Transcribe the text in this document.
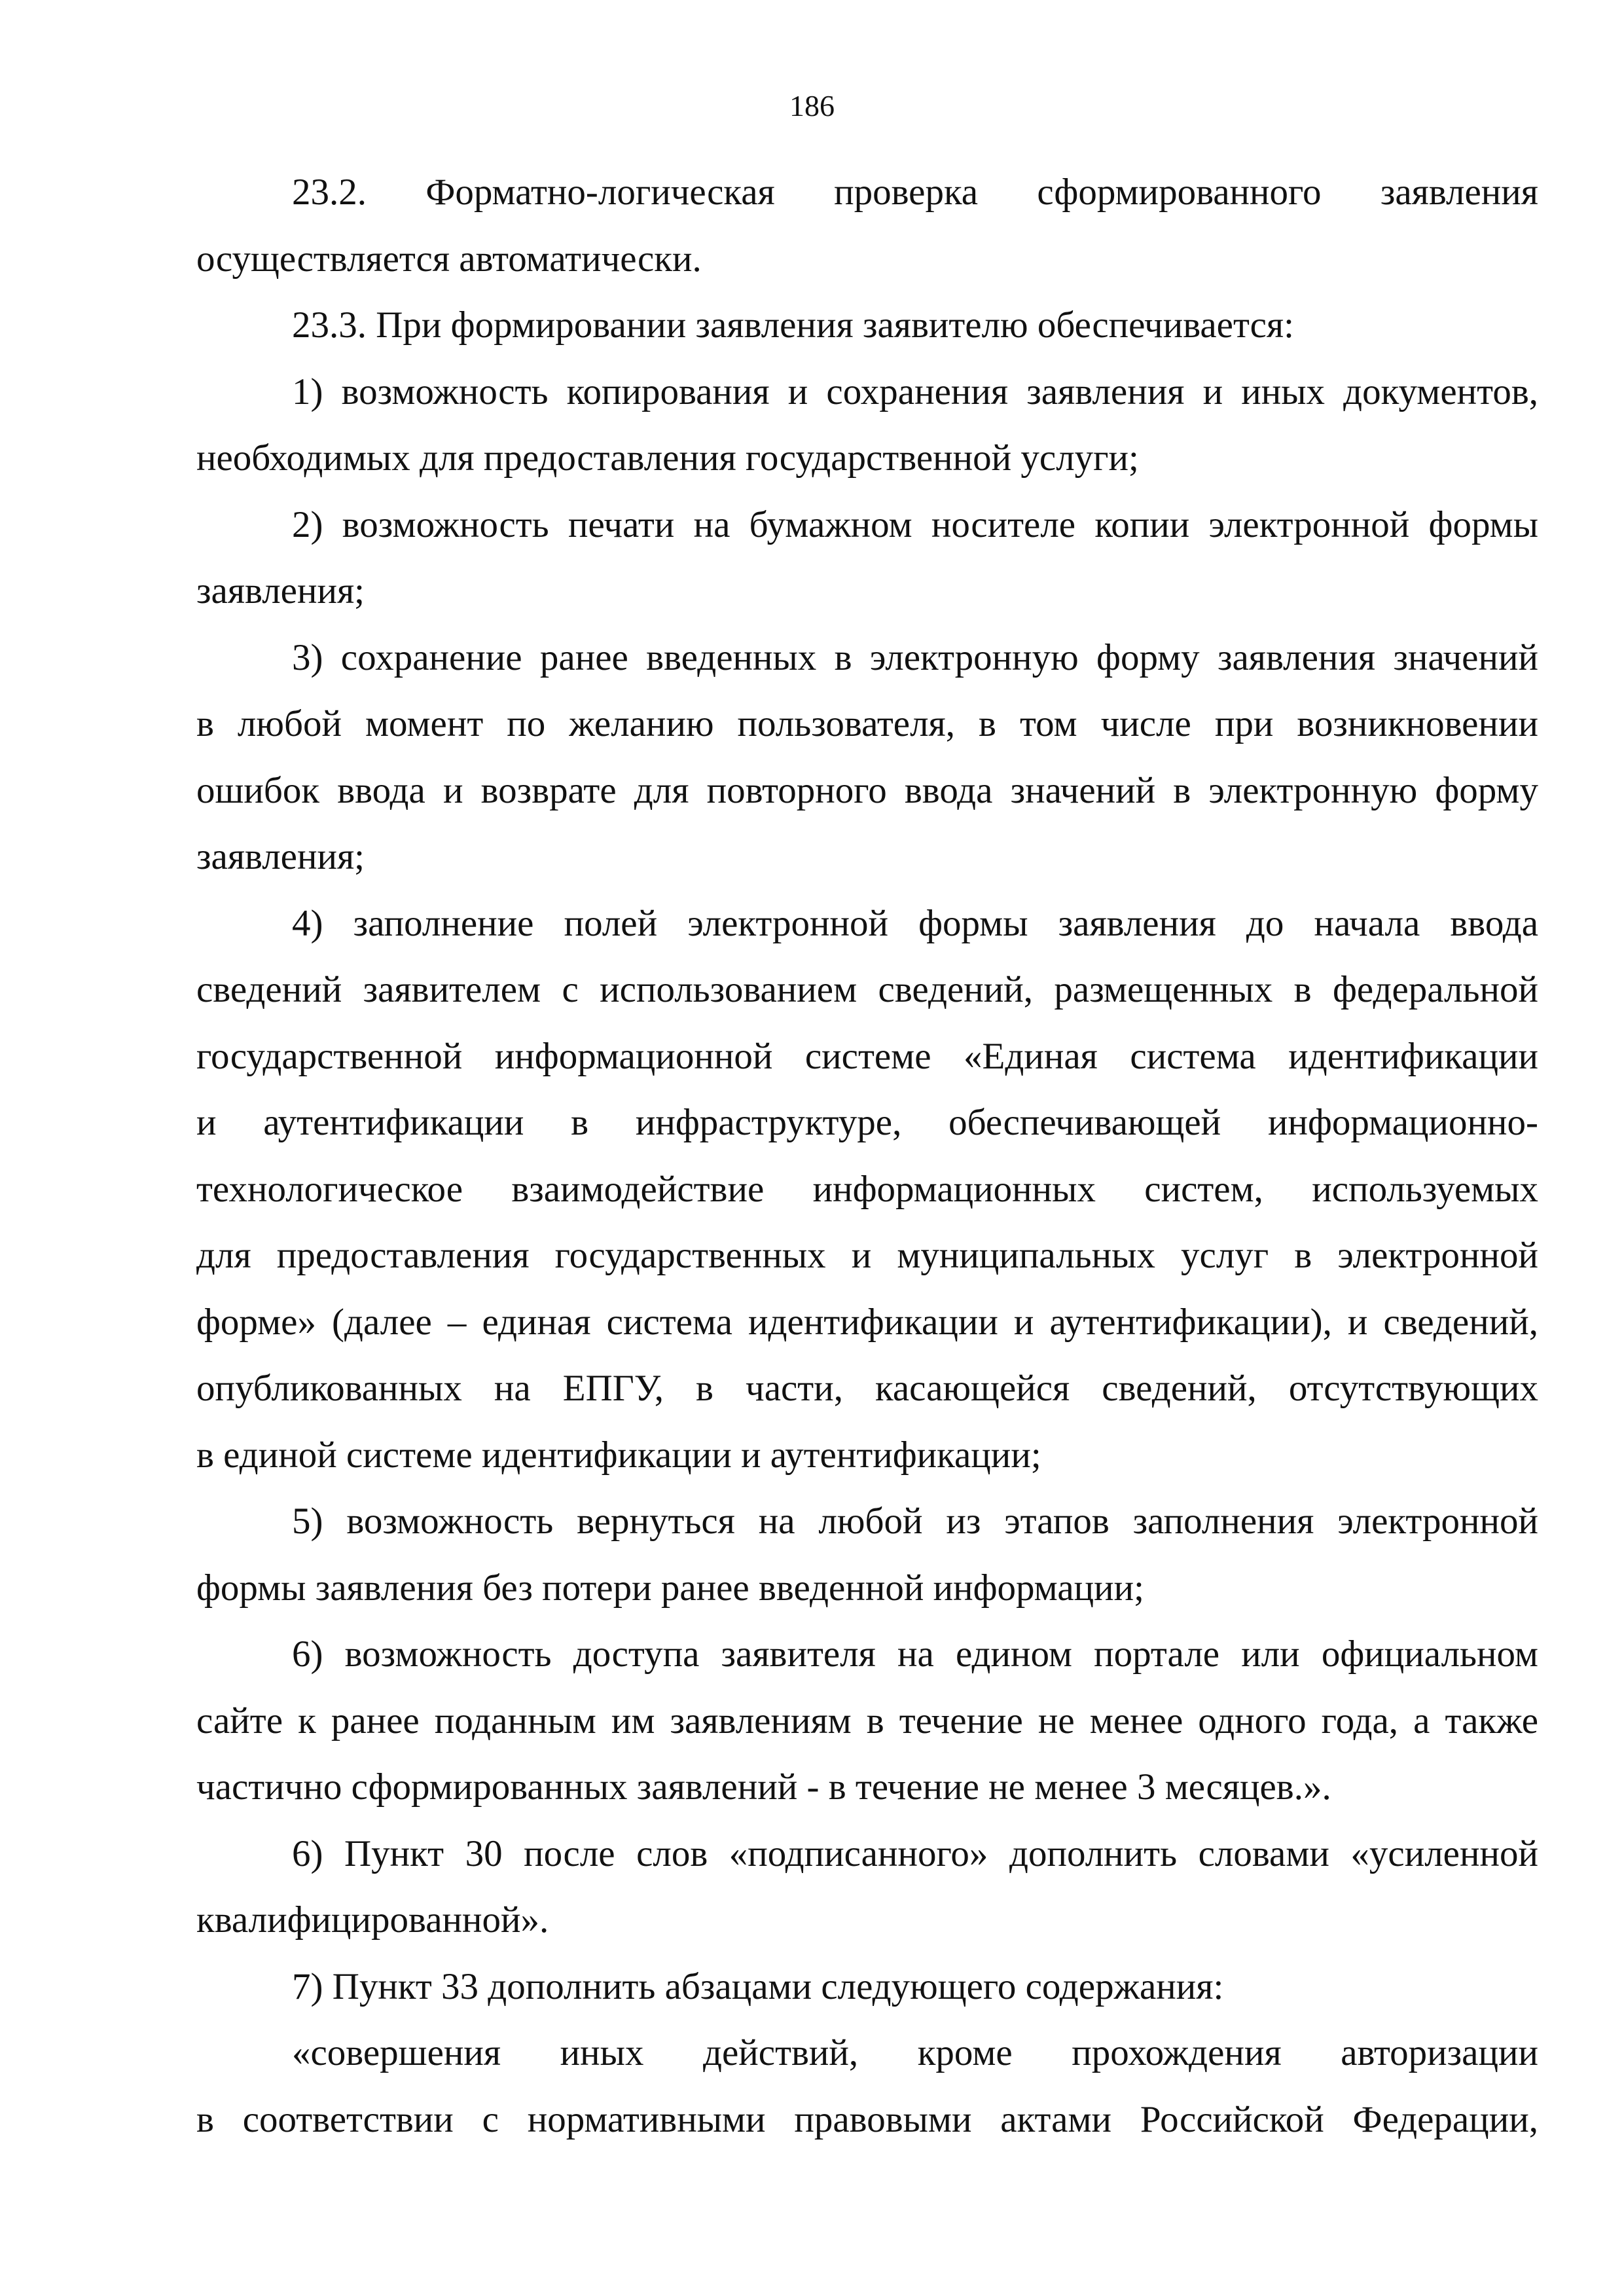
186
23.2. Форматно-логическая проверка сформированного заявления
осуществляется автоматически.
23.3. При формировании заявления заявителю обеспечивается:
1) возможность копирования и сохранения заявления и иных документов,
необходимых для предоставления государственной услуги;
2) возможность печати на бумажном носителе копии электронной формы
заявления;
3) сохранение ранее введенных в электронную форму заявления значений
в любой момент по желанию пользователя, в том числе при возникновении
ошибок ввода и возврате для повторного ввода значений в электронную форму
заявления;
4) заполнение полей электронной формы заявления до начала ввода
сведений заявителем с использованием сведений, размещенных в федеральной
государственной информационной системе «Единая система идентификации
и аутентификации в инфраструктуре, обеспечивающей информационно-
технологическое взаимодействие информационных систем, используемых
для предоставления государственных и муниципальных услуг в электронной
форме» (далее – единая система идентификации и аутентификации), и сведений,
опубликованных на ЕПГУ, в части, касающейся сведений, отсутствующих
в единой системе идентификации и аутентификации;
5) возможность вернуться на любой из этапов заполнения электронной
формы заявления без потери ранее введенной информации;
6) возможность доступа заявителя на едином портале или официальном
сайте к ранее поданным им заявлениям в течение не менее одного года, а также
частично сформированных заявлений - в течение не менее 3 месяцев.».
6) Пункт 30 после слов «подписанного» дополнить словами «усиленной
квалифицированной».
7) Пункт 33 дополнить абзацами следующего содержания:
«совершения иных действий, кроме прохождения авторизации
в соответствии с нормативными правовыми актами Российской Федерации,
